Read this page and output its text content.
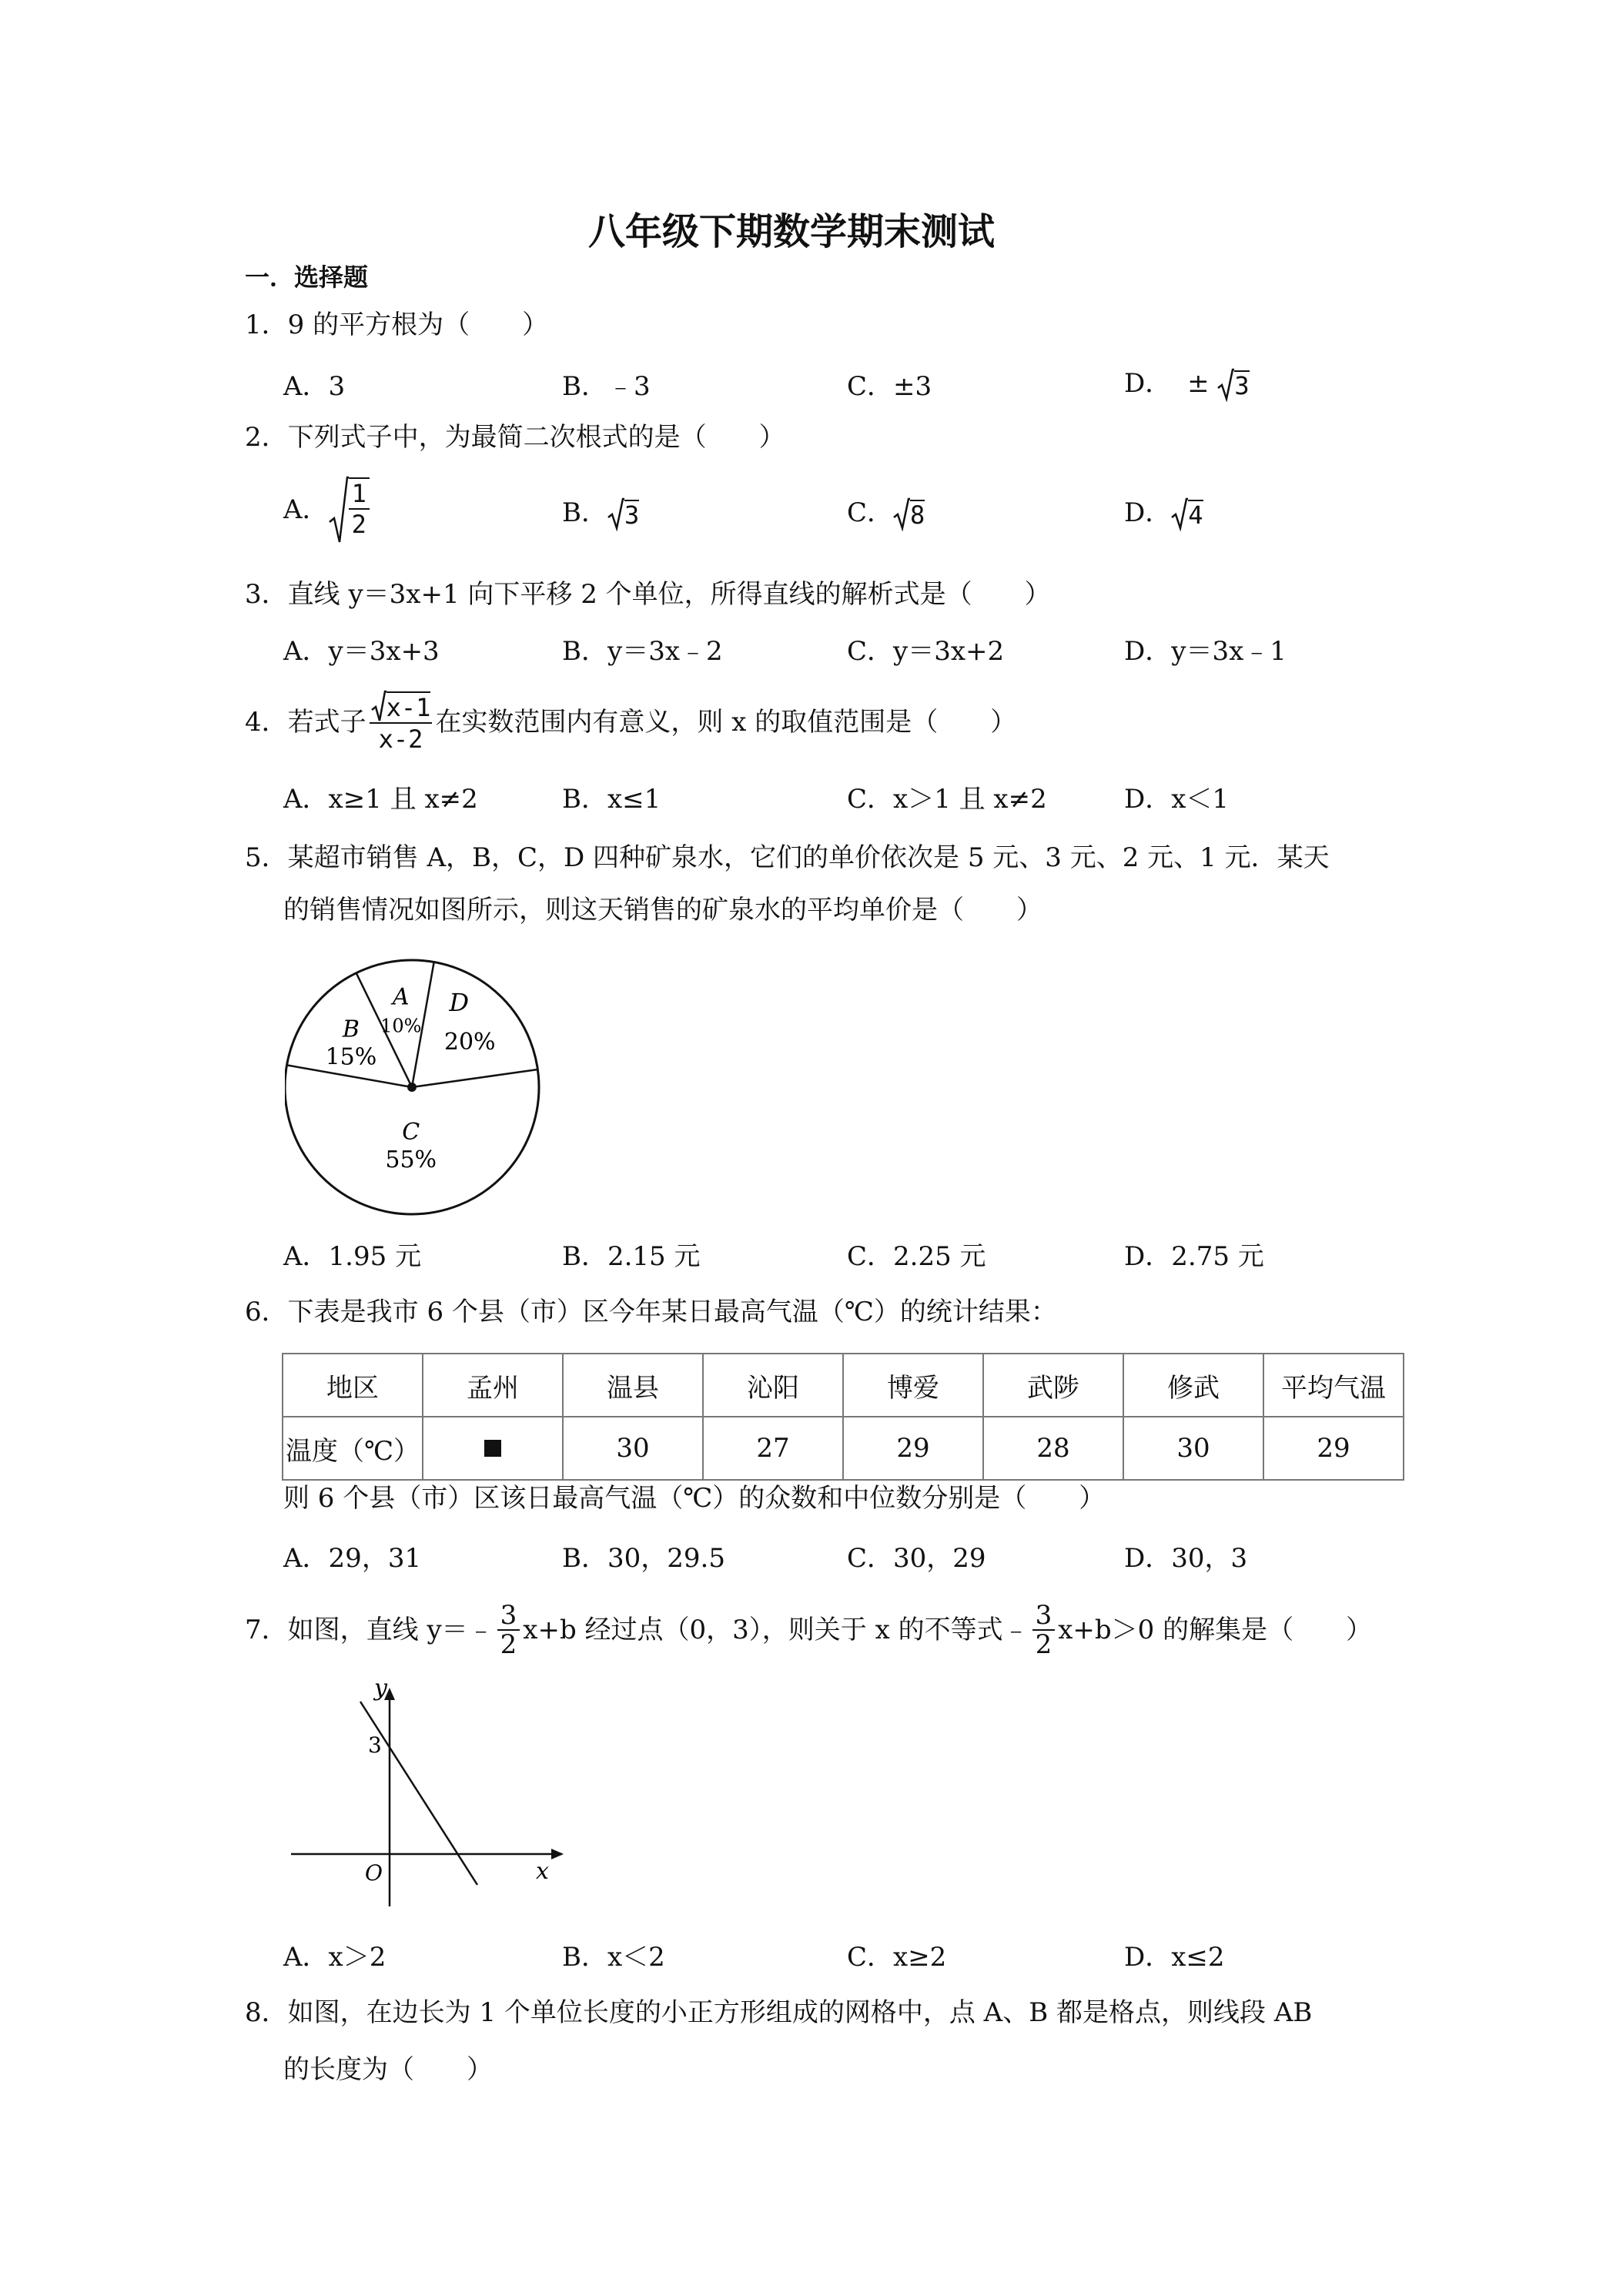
八年级下期数学期末测试
一．选择题
1．9 的平方根为（　　）
A．3	B．﹣3	C．±3	D． ± 3
2．下列式子中，为最简二次根式的是（　　）
A． $\frac{1}{2}$	B． 3	C． 8	D． 4
3．直线 y＝3x+1 向下平移 2 个单位，所得直线的解析式是（　　）
A．y＝3x+3	B．y＝3x﹣2	C．y＝3x+2	D．y＝3x﹣1
4．若式子 $\frac{x-1}{x-2}$ 在实数范围内有意义，则 x 的取值范围是（　　）
A．x≥1 且 x≠2	B．x≤1	C．x＞1 且 x≠2	D．x＜1
5．某超市销售 A，B，C，D 四种矿泉水，它们的单价依次是 5 元、3 元、2 元、1 元．某天
的销售情况如图所示，则这天销售的矿泉水的平均单价是（　　）
D
20%
C
55%
B
15%
A
10%
A．1.95 元	B．2.15 元	C．2.25 元	D．2.75 元
6．下表是我市 6 个县（市）区今年某日最高气温（℃）的统计结果：
地区	孟州	温县	沁阳	博爱	武陟	修武	平均气温
温度（℃）		30	27	29	28	30	29
则 6 个县（市）区该日最高气温（℃）的众数和中位数分别是（　　）
A．29，31	B．30，29.5	C．30，29	D．30，3
7．如图，直线 y＝﹣ $\frac{3}{2} x+b$ 经过点（0，3），则关于 x 的不等式﹣ $\frac{3}{2} x+b>0$ 的解集是（　　）
y
x
O
3
A．x＞2	B．x＜2	C．x≥2	D．x≤2
8．如图，在边长为 1 个单位长度的小正方形组成的网格中，点 A、B 都是格点，则线段 AB
的长度为（　　）
